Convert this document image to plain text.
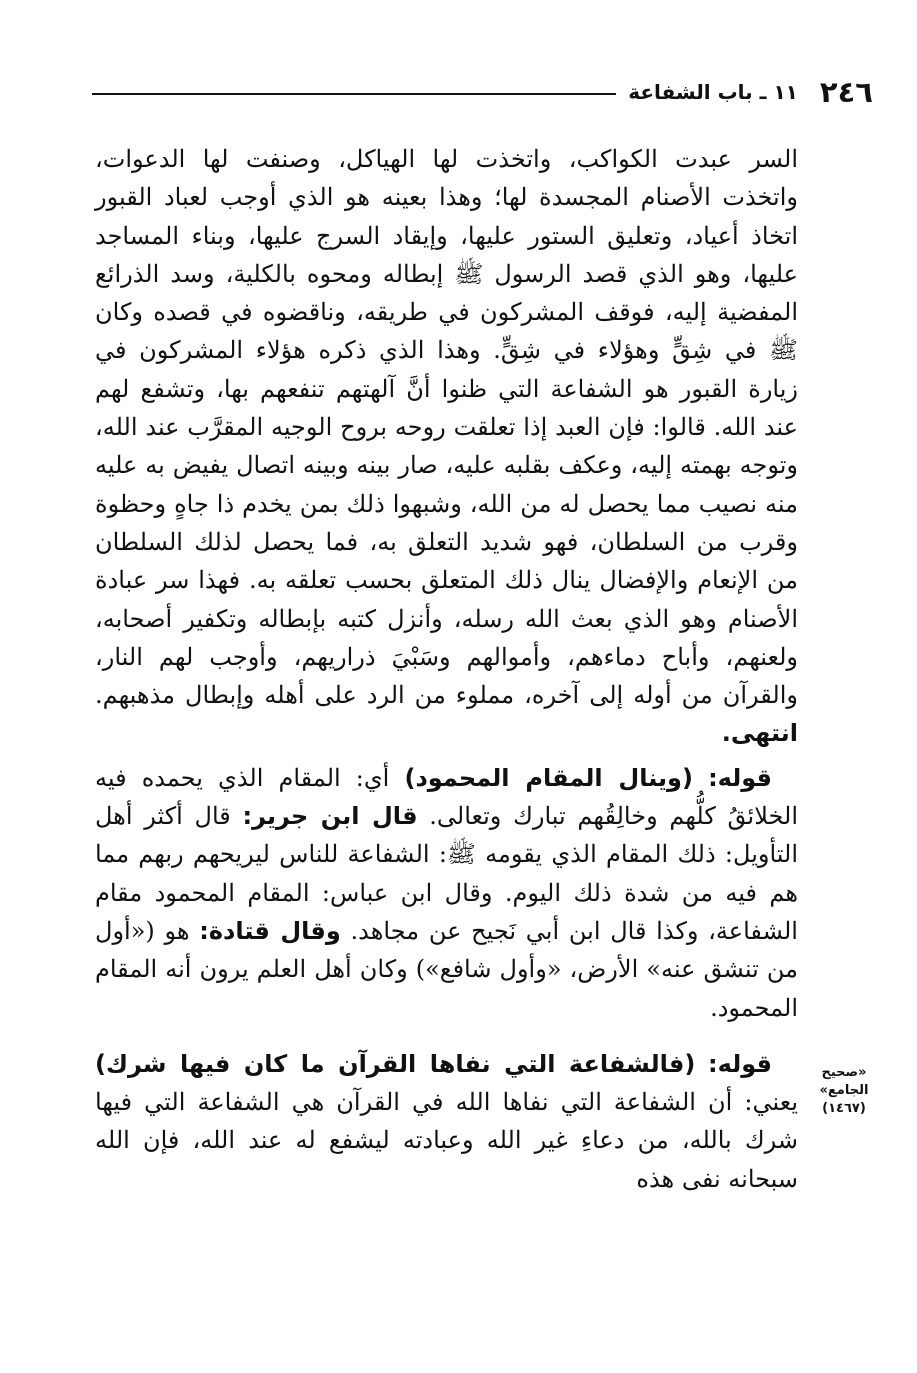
٢٤٦
١١ ـ باب الشفاعة

السر عبدت الكواكب، واتخذت لها الهياكل، وصنفت لها الدعوات، واتخذت الأصنام المجسدة لها؛ وهذا بعينه هو الذي أوجب لعباد القبور اتخاذ أعياد، وتعليق الستور عليها، وإيقاد السرج عليها، وبناء المساجد عليها، وهو الذي قصد الرسول ﷺ إبطاله ومحوه بالكلية، وسد الذرائع المفضية إليه، فوقف المشركون في طريقه، وناقضوه في قصده وكان ﷺ في شِقٍّ وهؤلاء في شِقٍّ. وهذا الذي ذكره هؤلاء المشركون في زيارة القبور هو الشفاعة التي ظنوا أنَّ آلهتهم تنفعهم بها، وتشفع لهم عند الله. قالوا: فإن العبد إذا تعلقت روحه بروح الوجيه المقرَّب عند الله، وتوجه بهمته إليه، وعكف بقلبه عليه، صار بينه وبينه اتصال يفيض به عليه منه نصيب مما يحصل له من الله، وشبهوا ذلك بمن يخدم ذا جاهٍ وحظوة وقرب من السلطان، فهو شديد التعلق به، فما يحصل لذلك السلطان من الإنعام والإفضال ينال ذلك المتعلق بحسب تعلقه به. فهذا سر عبادة الأصنام وهو الذي بعث الله رسله، وأنزل كتبه بإبطاله وتكفير أصحابه، ولعنهم، وأباح دماءهم، وأموالهم وسَبْيَ ذراريهم، وأوجب لهم النار، والقرآن من أوله إلى آخره، مملوء من الرد على أهله وإبطال مذهبهم. انتهى.

قوله: (وينال المقام المحمود) أي: المقام الذي يحمده فيه الخلائقُ كلُّهم وخالِقُهم تبارك وتعالى. قال ابن جرير: قال أكثر أهل التأويل: ذلك المقام الذي يقومه ﷺ: الشفاعة للناس ليريحهم ربهم مما هم فيه من شدة ذلك اليوم. وقال ابن عباس: المقام المحمود مقام الشفاعة، وكذا قال ابن أبي نَجيح عن مجاهد. وقال قتادة: هو («أول من تنشق عنه» الأرض، «وأول شافع») وكان أهل العلم يرون أنه المقام المحمود.

قوله: (فالشفاعة التي نفاها القرآن ما كان فيها شرك) يعني: أن الشفاعة التي نفاها الله في القرآن هي الشفاعة التي فيها شرك بالله، من دعاءِ غير الله وعبادته ليشفع له عند الله، فإن الله سبحانه نفى هذه

«صحيح
الجامع»
(١٤٦٧)
